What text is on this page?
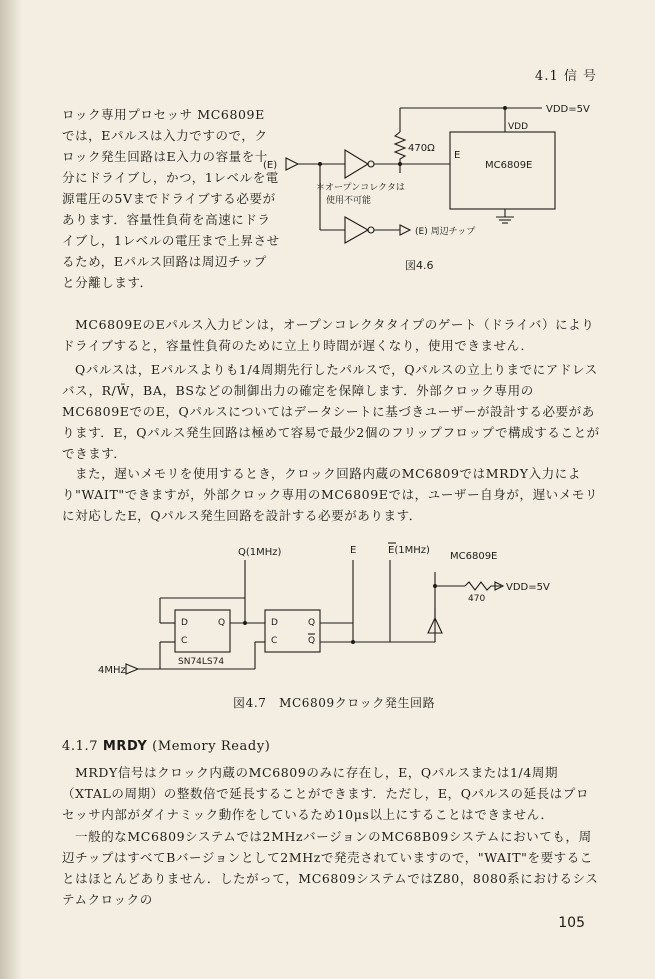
4.1 信 号

ロック専用プロセッサ MC6809E では，Eパルスは入力ですので，クロック発生回路はE入力の容量を十分にドライブし，かつ，1レベルを電源電圧の5Vまでドライブする必要があります．容量性負荷を高速にドライブし，1レベルの電圧まで上昇させるため，Eパルス回路は周辺チップと分離します．

VDD=5V
470Ω
VDD
MC6809E
E
(E)
＊オープンコレクタは
使用不可能
(E) 周辺チップ
図4.6

MC6809EのEパルス入力ピンは，オープンコレクタタイプのゲート（ドライバ）によりドライブすると，容量性負荷のために立上り時間が遅くなり，使用できません．

Qパルスは，Eパルスよりも1/4周期先行したパルスで，Qパルスの立上りまでにアドレスバス，R/W̄，BA，BSなどの制御出力の確定を保障します．外部クロック専用のMC6809EでのE，Qパルスについてはデータシートに基づきユーザーが設計する必要があります．E，Qパルス発生回路は極めて容易で最少2個のフリップフロップで構成することができます．

また，遅いメモリを使用するとき，クロック回路内蔵のMC6809ではMRDY入力により"WAIT"できますが，外部クロック専用のMC6809Eでは，ユーザー自身が，遅いメモリに対応したE，Qパルス発生回路を設計する必要があります．

Q(1MHz)	E	E(1MHz)
MC6809E
D	Q
C
SN74LS74
D	Q
C	Q
470
VDD=5V
4MHz
図4.7　MC6809クロック発生回路
4.1.7 MRDY (Memory Ready)

MRDY信号はクロック内蔵のMC6809のみに存在し，E，Qパルスまたは1/4周期（XTALの周期）の整数倍で延長することができます．ただし，E，Qパルスの延長はプロセッサ内部がダイナミック動作をしているため10μs以上にすることはできません．

一般的なMC6809システムでは2MHzバージョンのMC68B09システムにおいても，周辺チップはすべてBバージョンとして2MHzで発売されていますので，"WAIT"を要することはほとんどありません．したがって，MC6809システムではZ80，8080系におけるシステムクロックの

105
